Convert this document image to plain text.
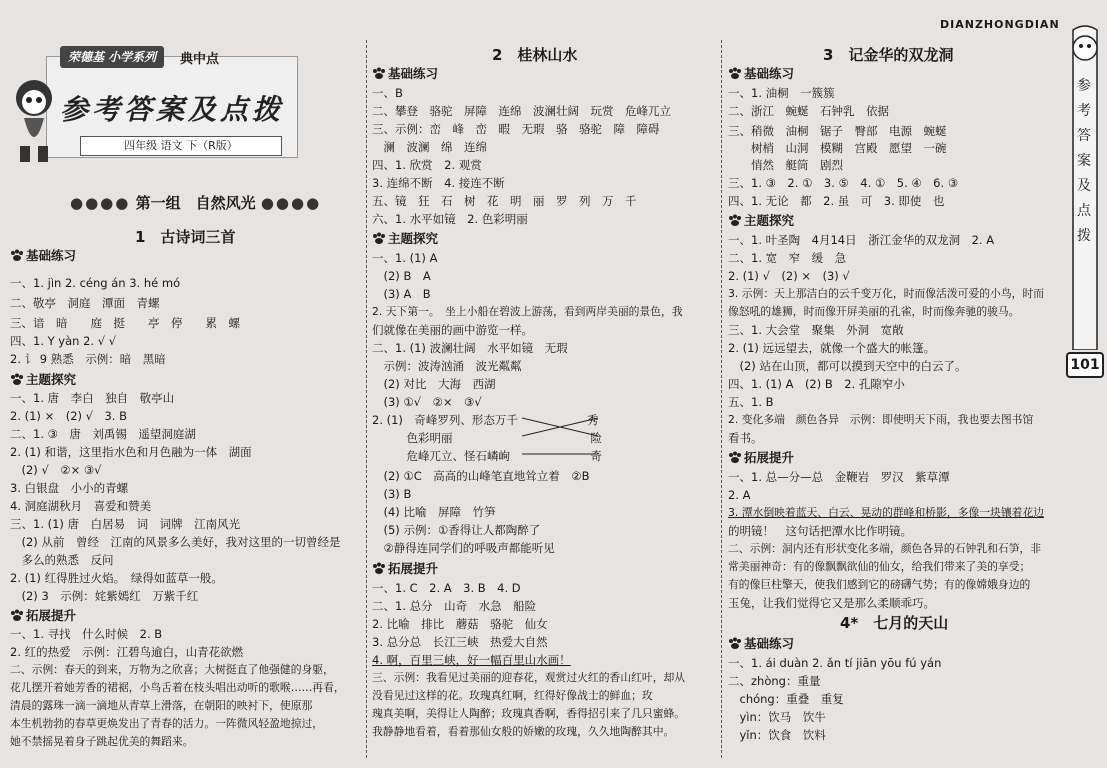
DIANZHONGDIAN
参
考
答
案
及
点
拨
101
荣德基 小学系列	典中点
参考答案及点拨
四年级 语文 下（R版）
●●●● 第一组　自然风光 ●●●●
1　古诗词三首
基础练习
一、1. jìn 2. céng án 3. hé mó
二、敬亭　洞庭　潭面　青螺
三、谙　暗　　庭　挺　　亭　停　　累　螺
四、1. Y yàn 2. √ √
2. 讠 9 熟悉　示例：暗　黑暗
主题探究
一、1. 唐　李白　独自　敬亭山
2. (1) ×　(2) √　3. B
二、1. ③　唐　刘禹锡　遥望洞庭湖
2. (1) 和谐，这里指水色和月色融为一体　湖面
　(2) √　②× ③√
3. 白银盘　小小的青螺
4. 洞庭湖秋月　喜爱和赞美
三、1. (1) 唐　白居易　词　词牌　江南风光
　(2) 从前　曾经　江南的风景多么美好，我对这里的一切曾经是
　多么的熟悉　反问
2. (1) 红得胜过火焰。　绿得如蓝草一般。
　(2) 3　示例：姹紫嫣红　万紫千红
拓展提升
一、1. 寻找　什么时候　2. B
2. 红的热爱　示例：江碧鸟逾白，山青花欲燃
二、示例：春天的到来，万物为之欣喜；大树挺直了他强健的身躯，
花儿摆开着她芳香的裙裾，小鸟舌着在枝头唱出动听的歌喉……再看，
清晨的露珠一滴一滴地从青草上滑落，在朝阳的映衬下，使原那
本生机勃勃的春草更焕发出了青春的活力。一阵微风轻盈地掠过，
她不禁摇晃着身子跳起优美的舞蹈来。
2　桂林山水
基础练习
一、B
二、攀登　骆驼　屏障　连绵　波澜壮阔　玩赏　危峰兀立
三、示例：峦　峰　峦　暇　无瑕　骆　骆驼　障　障碍
　澜　波澜　绵　连绵
四、1. 欣赏　2. 观赏
3. 连绵不断　4. 接连不断
五、镜　狂　石　树　花　明　丽　罗　列　万　千
六、1. 水平如镜　2. 色彩明丽
主题探究
一、1. (1) A
　(2) B　A
　(3) A　B
2. 天下第一。　坐上小船在碧波上游荡，看到两岸美丽的景色，我
们就像在美丽的画中游览一样。
二、1. (1) 波澜壮阔　水平如镜　无瑕
　示例：波涛汹涌　波光粼粼
　(2) 对比　大海　西湖
　(3) ①√　②×　③√
2. (1)　奇峰罗列、形态万千　　　　　　秀
　　　色彩明丽　　　　　　　　　　　　险
　　　危峰兀立、怪石嶙峋　　　　　　　奇
　(2) ①C　高高的山峰笔直地耸立着　②B
　(3) B
　(4) 比喻　屏障　竹笋
　(5) 示例：①香得让人都陶醉了
　②静得连同学们的呼吸声都能听见
拓展提升
一、1. C　2. A　3. B　4. D
二、1. 总分　山奇　水急　船险
2. 比喻　排比　蘑菇　骆驼　仙女
3. 总分总　长江三峡　热爱大自然
4. 啊，百里三峡，好一幅百里山水画！
三、示例：我看见过美丽的迎春花，观赏过火红的香山红叶，却从
没看见过这样的花。玫瑰真红啊，红得好像战士的鲜血；玫
瑰真美啊，美得让人陶醉；玫瑰真香啊，香得招引来了几只蜜蜂。
我静静地看着，看着那仙女般的娇嫩的玫瑰，久久地陶醉其中。
3　记金华的双龙洞
基础练习
一、1. 油桐　一簇簇
二、浙江　蜿蜒　石钟乳　依据
三、稍微　油桐　锯子　臀部　电源　蜿蜒
　　树梢　山洞　模糊　宫殿　愿望　一碗
　　悄然　艇筒　剧烈
三、1. ③　2. ①　3. ⑤　4. ①　5. ④　6. ③
四、1. 无论　都　2. 虽　可　3. 即使　也
主题探究
一、1. 叶圣陶　4月14日　浙江金华的双龙洞　2. A
二、1. 宽　窄　缓　急
2. (1) √　(2) ×　(3) √
3. 示例：天上那洁白的云千变万化，时而像活泼可爱的小鸟，时而
像怒吼的雄狮，时而像开屏美丽的孔雀，时而像奔驰的骏马。
三、1. 大会堂　聚集　外洞　宽敞
2. (1) 远远望去，就像一个盛大的帐篷。
　(2) 站在山顶，都可以摸到天空中的白云了。
四、1. (1) A　(2) B　2. 孔隙窄小
五、1. B
2. 变化多端　颜色各异　示例：即使明天下雨，我也要去图书馆
看书。
拓展提升
一、1. 总—分—总　金鞭岩　罗汉　紫草潭
2. A
3. 潭水倒映着蓝天、白云、晃动的群峰和桥影，多像一块镶着花边
的明镜！　这句话把潭水比作明镜。
二、示例：洞内还有形状变化多端，颜色各异的石钟乳和石笋，非
常美丽神奇：有的像飘飘欲仙的仙女，给我们带来了美的享受；
有的像巨柱擎天，使我们感到它的磅礴气势；有的像嫦娥身边的
玉兔，让我们觉得它又是那么柔顺乖巧。
4*　七月的天山
基础练习
一、1. ái duàn 2. ǎn tí jiān yōu fú yán
二、zhòng：重量
　chóng：重叠　重复
　yìn：饮马　饮牛
　yǐn：饮食　饮料
